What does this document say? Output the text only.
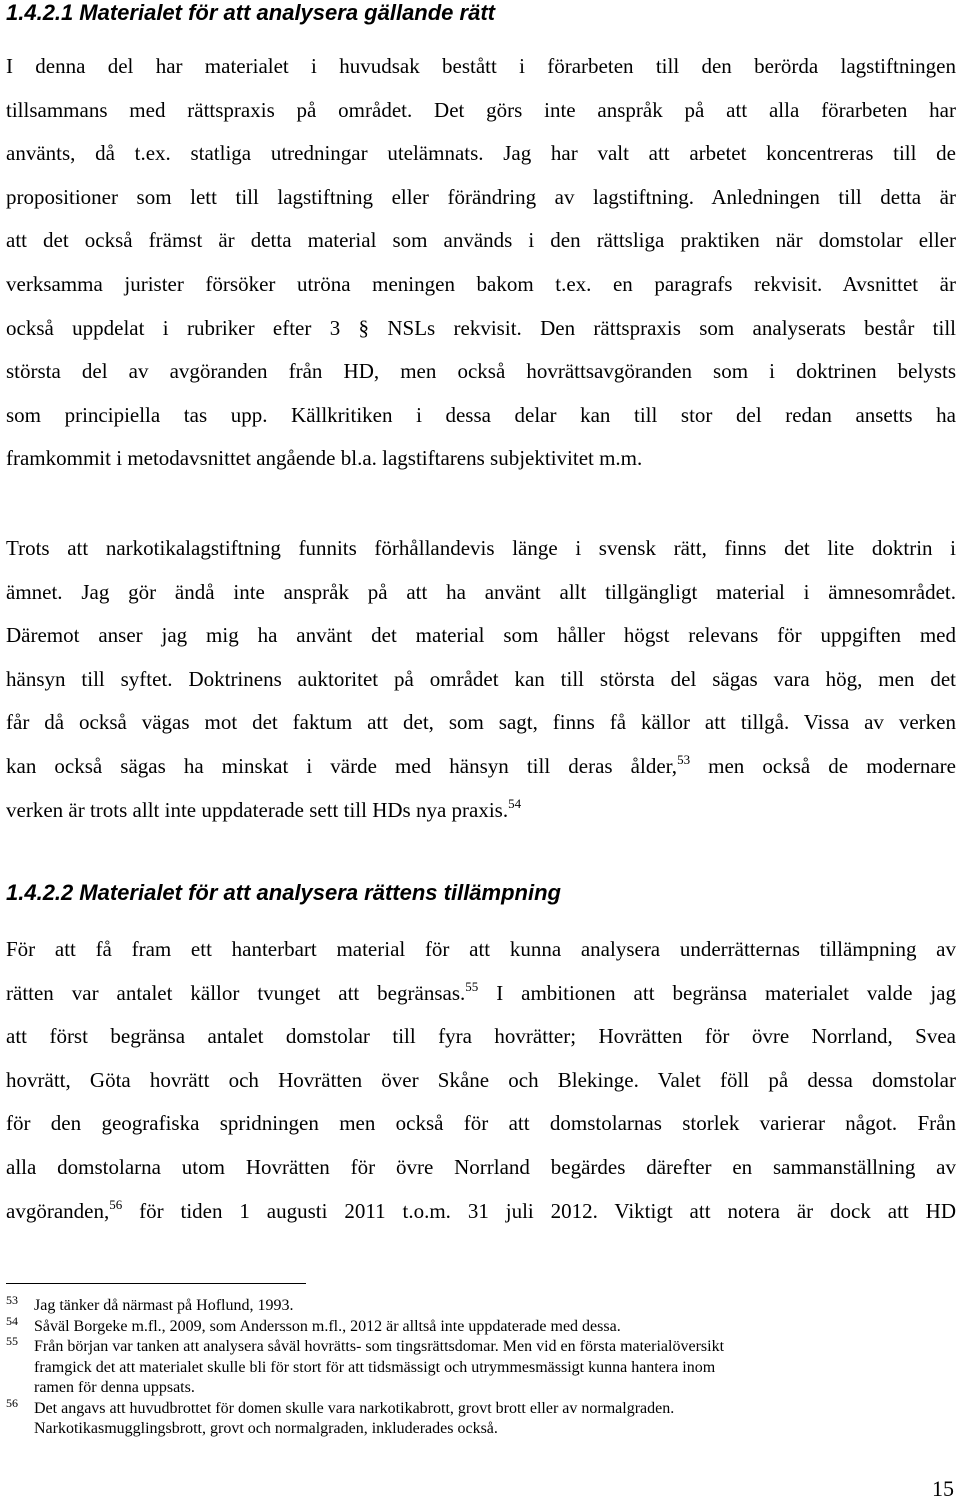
1.4.2.1 Materialet för att analysera gällande rätt
I denna del har materialet i huvudsak bestått i förarbeten till den berörda lagstiftningen
tillsammans med rättspraxis på området. Det görs inte anspråk på att alla förarbeten har
använts, då t.ex. statliga utredningar utelämnats. Jag har valt att arbetet koncentreras till de
propositioner som lett till lagstiftning eller förändring av lagstiftning. Anledningen till detta är
att det också främst är detta material som används i den rättsliga praktiken när domstolar eller
verksamma jurister försöker utröna meningen bakom t.ex. en paragrafs rekvisit. Avsnittet är
också uppdelat i rubriker efter 3 § NSLs rekvisit. Den rättspraxis som analyserats består till
största del av avgöranden från HD, men också hovrättsavgöranden som i doktrinen belysts
som principiella tas upp. Källkritiken i dessa delar kan till stor del redan ansetts ha
framkommit i metodavsnittet angående bl.a. lagstiftarens subjektivitet m.m.
Trots att narkotikalagstiftning funnits förhållandevis länge i svensk rätt, finns det lite doktrin i
ämnet. Jag gör ändå inte anspråk på att ha använt allt tillgängligt material i ämnesområdet.
Däremot anser jag mig ha använt det material som håller högst relevans för uppgiften med
hänsyn till syftet. Doktrinens auktoritet på området kan till största del sägas vara hög, men det
får då också vägas mot det faktum att det, som sagt, finns få källor att tillgå. Vissa av verken
kan också sägas ha minskat i värde med hänsyn till deras ålder,$^{53}$ men också de modernare
verken är trots allt inte uppdaterade sett till HDs nya praxis.$^{54}$
1.4.2.2 Materialet för att analysera rättens tillämpning
För att få fram ett hanterbart material för att kunna analysera underrätternas tillämpning av
rätten var antalet källor tvunget att begränsas.$^{55}$ I ambitionen att begränsa materialet valde jag
att först begränsa antalet domstolar till fyra hovrätter; Hovrätten för övre Norrland, Svea
hovrätt, Göta hovrätt och Hovrätten över Skåne och Blekinge. Valet föll på dessa domstolar
för den geografiska spridningen men också för att domstolarnas storlek varierar något. Från
alla domstolarna utom Hovrätten för övre Norrland begärdes därefter en sammanställning av
avgöranden,$^{56}$ för tiden 1 augusti 2011 t.o.m. 31 juli 2012. Viktigt att notera är dock att HD
53 Jag tänker då närmast på Hoflund, 1993.
54 Såväl Borgeke m.fl., 2009, som Andersson m.fl., 2012 är alltså inte uppdaterade med dessa.
55 Från början var tanken att analysera såväl hovrätts- som tingsrättsdomar. Men vid en första materialöversikt
framgick det att materialet skulle bli för stort för att tidsmässigt och utrymmesmässigt kunna hantera inom
ramen för denna uppsats.
56 Det angavs att huvudbrottet för domen skulle vara narkotikabrott, grovt brott eller av normalgraden.
Narkotikasmugglingsbrott, grovt och normalgraden, inkluderades också.
15
